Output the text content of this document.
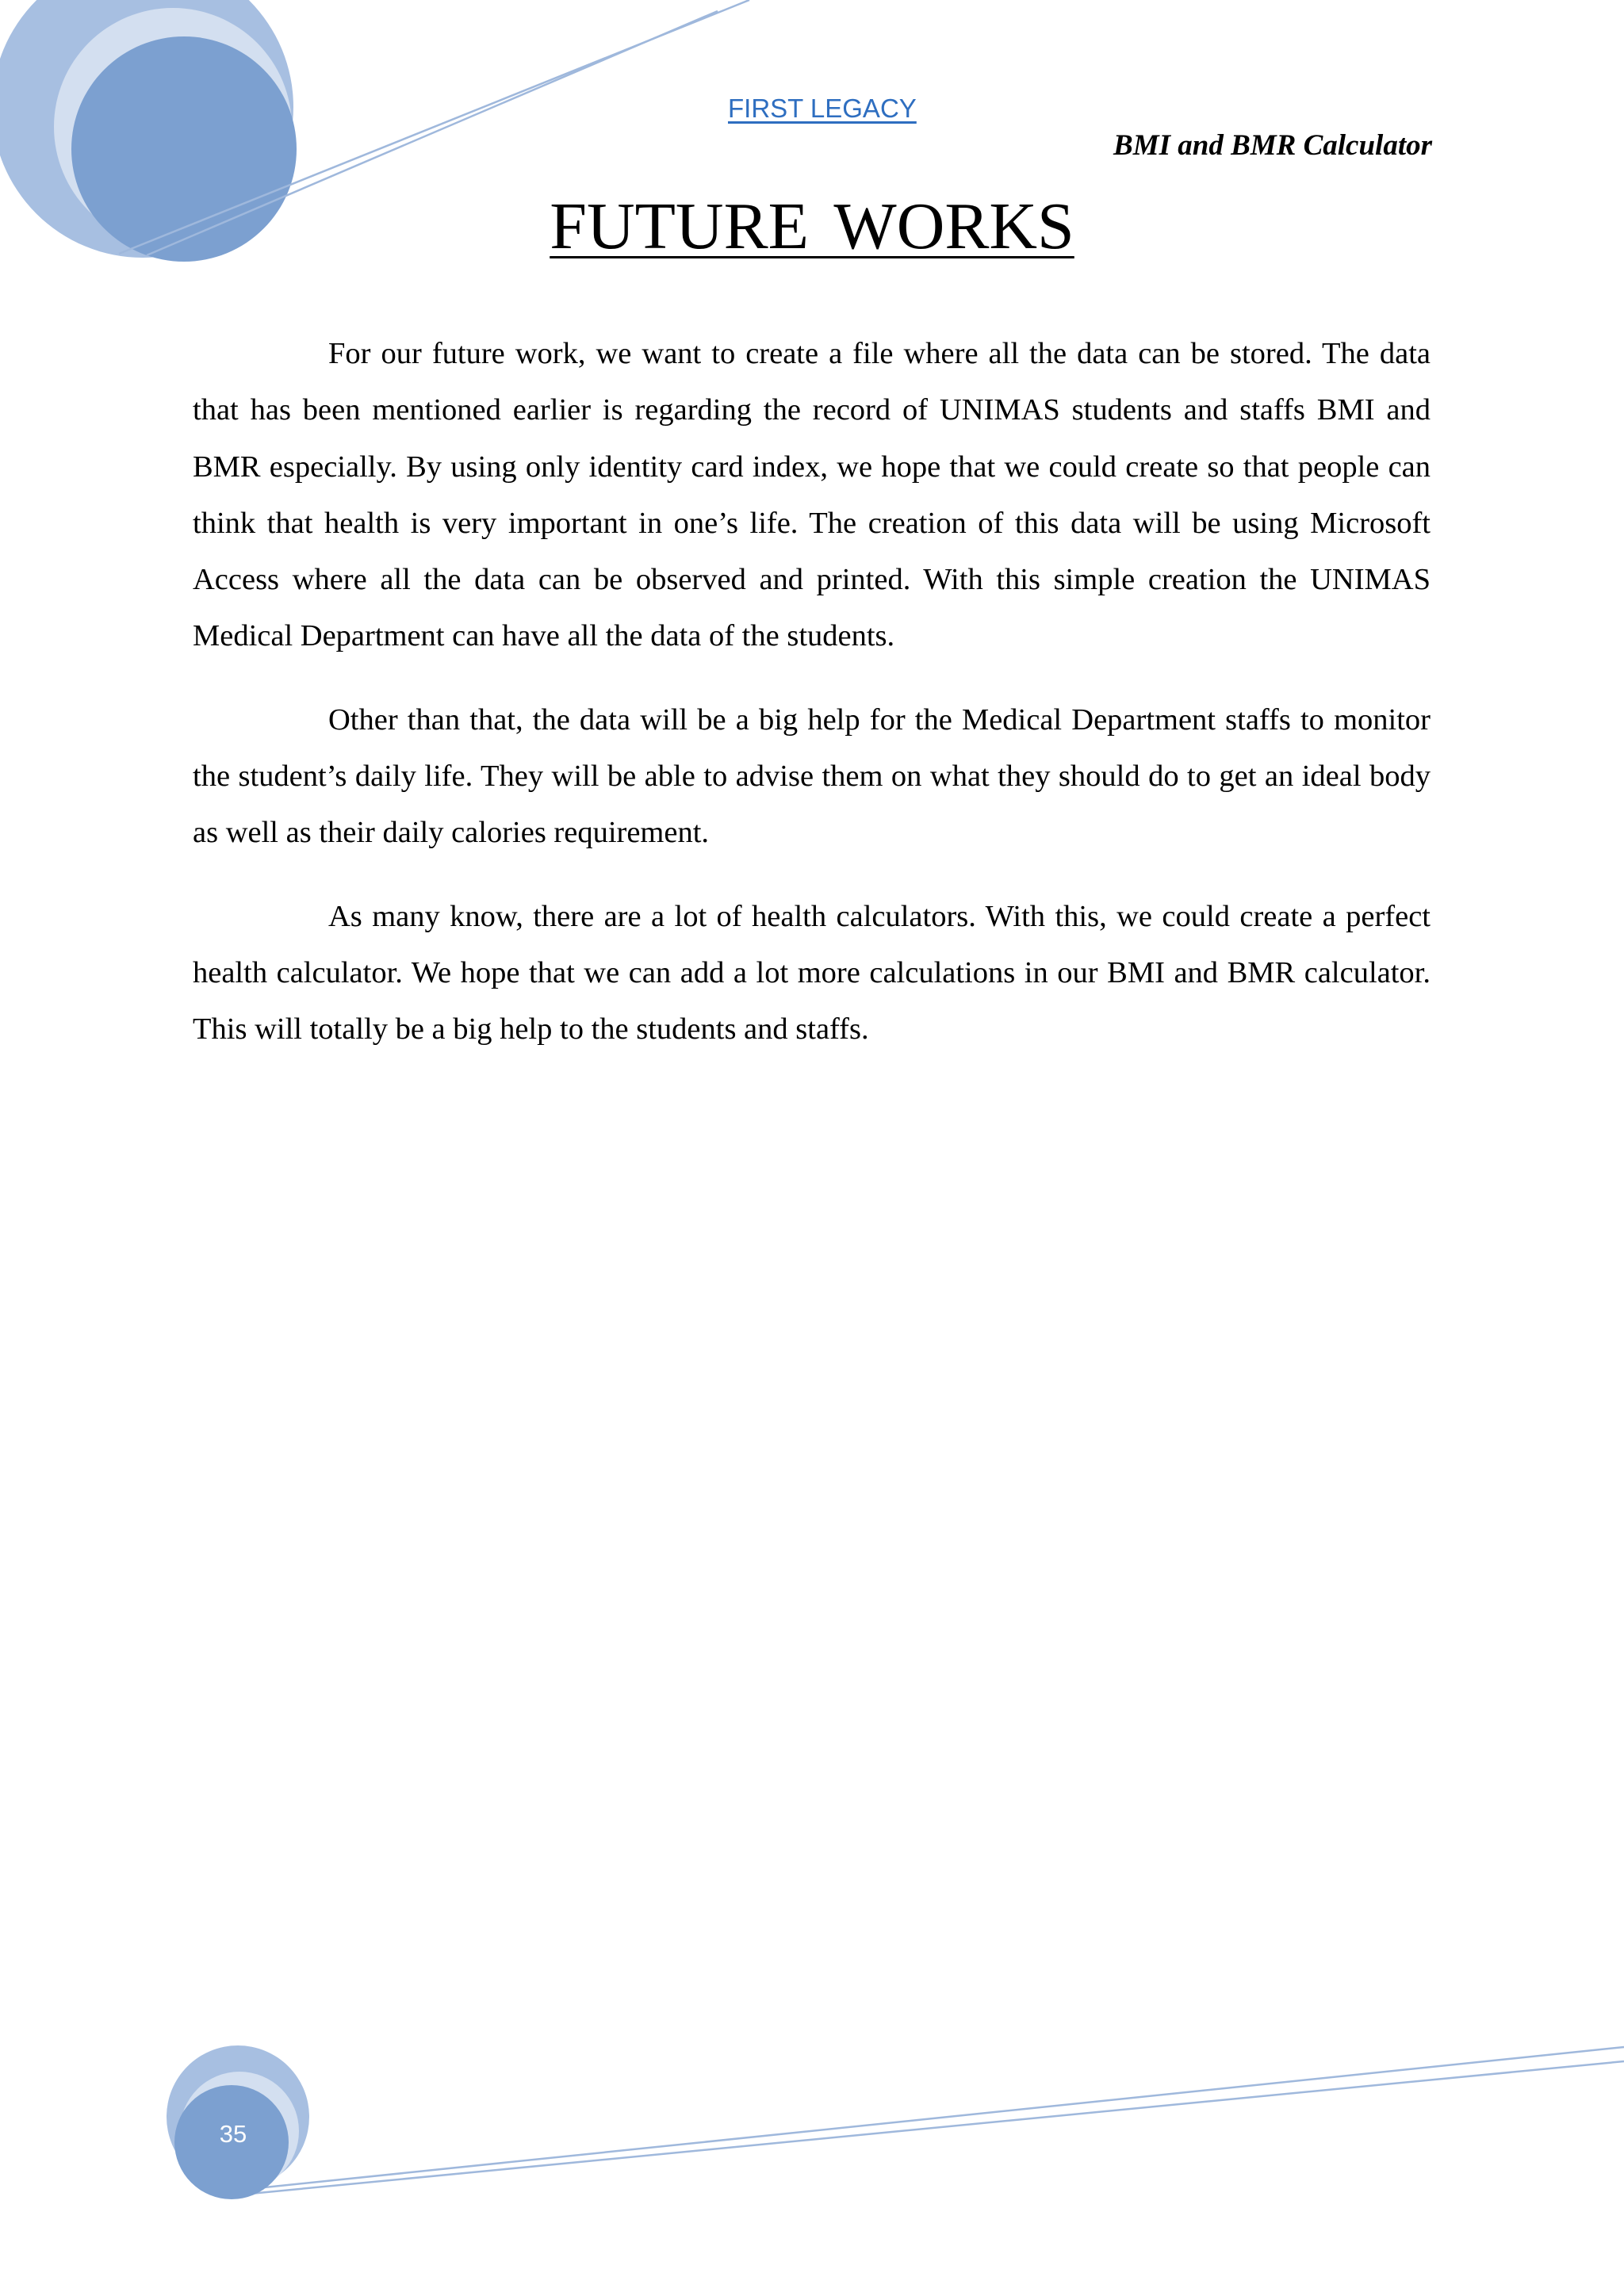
FIRST LEGACY
BMI and BMR Calculator
FUTURE WORKS

For our future work, we want to create a file where all the data can be stored. The data that has been mentioned earlier is regarding the record of UNIMAS students and staffs BMI and BMR especially. By using only identity card index, we hope that we could create so that people can think that health is very important in one’s life. The creation of this data will be using Microsoft Access where all the data can be observed and printed. With this simple creation the UNIMAS Medical Department can have all the data of the students.

Other than that, the data will be a big help for the Medical Department staffs to monitor the student’s daily life. They will be able to advise them on what they should do to get an ideal body as well as their daily calories requirement.

As many know, there are a lot of health calculators. With this, we could create a perfect health calculator. We hope that we can add a lot more calculations in our BMI and BMR calculator. This will totally be a big help to the students and staffs.

35
